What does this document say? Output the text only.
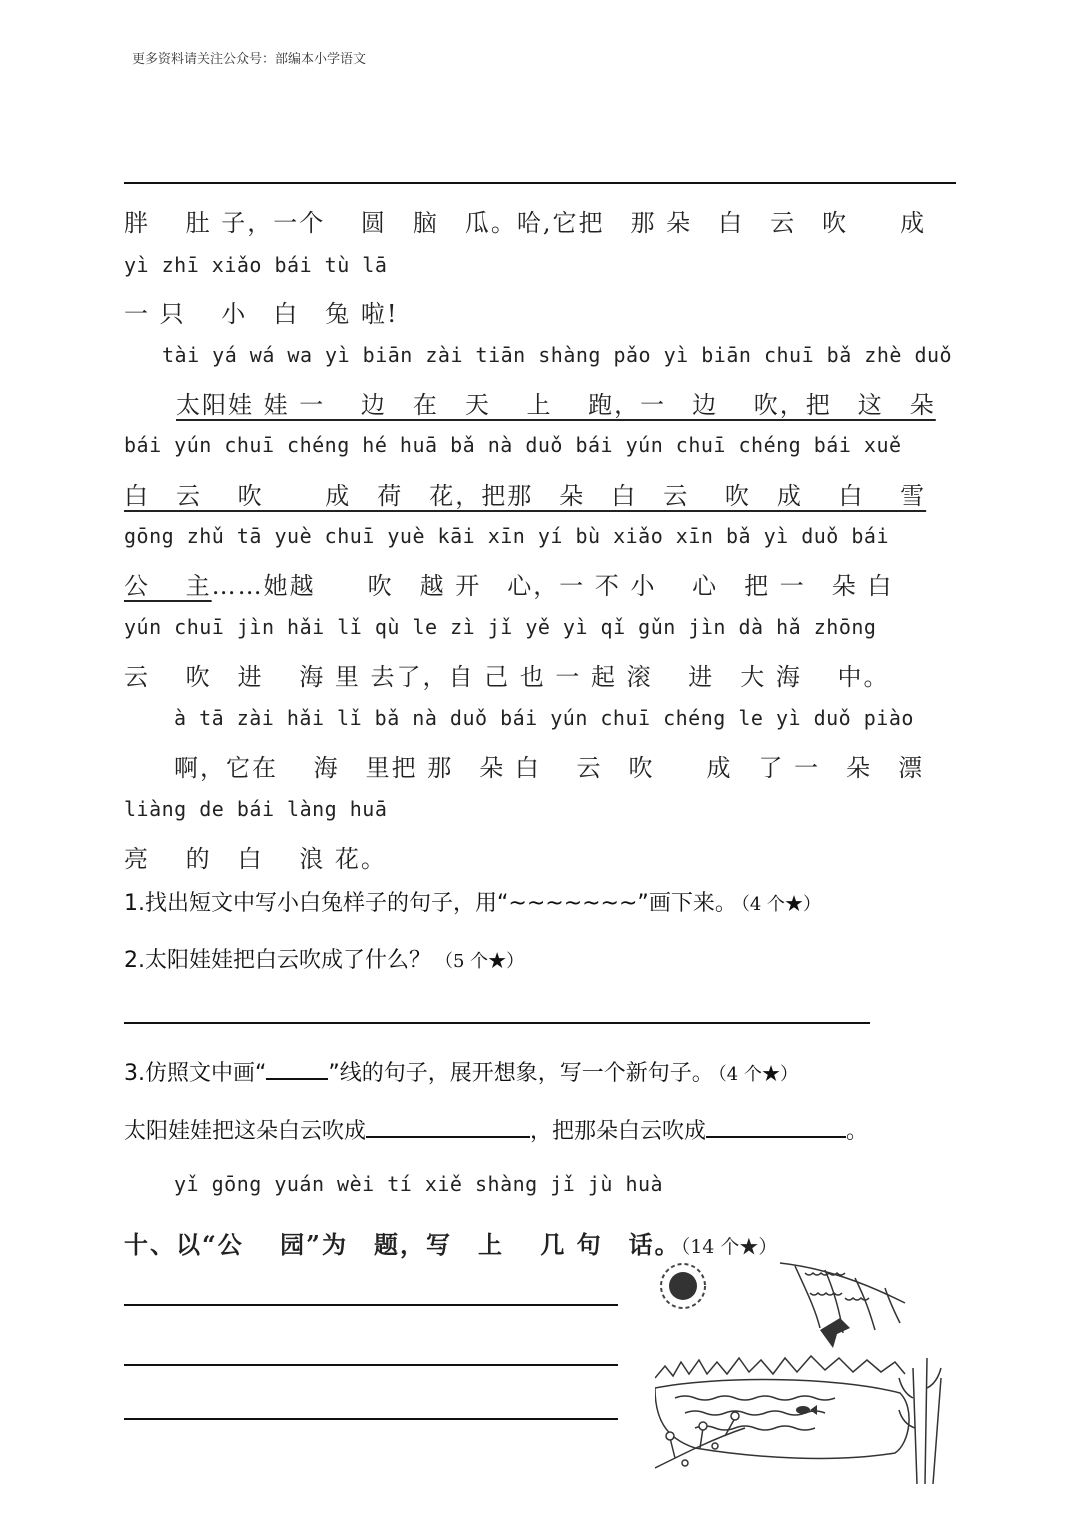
更多资料请关注公众号：部编本小学语文
胖　 肚 子，一个　 圆　脑　瓜。哈,它把　那 朵　白　云　吹　　成
yì zhī xiǎo bái tù lā
一 只　 小　白　兔 啦!
tài yá wá wa yì biān zài tiān shàng pǎo yì biān chuī bǎ zhè duǒ
太阳娃 娃 一　 边　在　天　 上　 跑，一　边　 吹，把　这　朵
bái yún chuī chéng hé huā bǎ nà duǒ bái yún chuī chéng bái xuě
白　云　 吹　　 成　荷　花，把那　朵　白　云　 吹　成　 白　 雪
gōng zhǔ tā yuè chuī yuè kāi xīn yí bù xiǎo xīn bǎ yì duǒ bái
公　 主……她越　　吹　越 开　心，一 不 小　 心　把 一　朵 白
yún chuī jìn hǎi lǐ qù le zì jǐ yě yì qǐ gǔn jìn dà hǎ zhōng
云　 吹　进　 海 里 去了，自 己 也 一 起 滚　 进　大 海　 中。
à tā zài hǎi lǐ bǎ nà duǒ bái yún chuī chéng le yì duǒ piào
啊，它在　 海　里把 那　朵 白　 云　吹　　成　了 一　朵　漂
liàng de bái làng huā
亮　 的　白　 浪 花。
1.找出短文中写小白兔样子的句子，用“~~~~~~~”画下来。 （4 个★）
2.太阳娃娃把白云吹成了什么？ （5 个★）
3.仿照文中画“	”线的句子，展开想象，写一个新句子。 （4 个★）
太阳娃娃把这朵白云吹成	，把那朵白云吹成	。
yǐ gōng yuán wèi tí xiě shàng jǐ jù huà
十、以“公　 园”为　题，写　上　 几 句　话。（14 个★）
